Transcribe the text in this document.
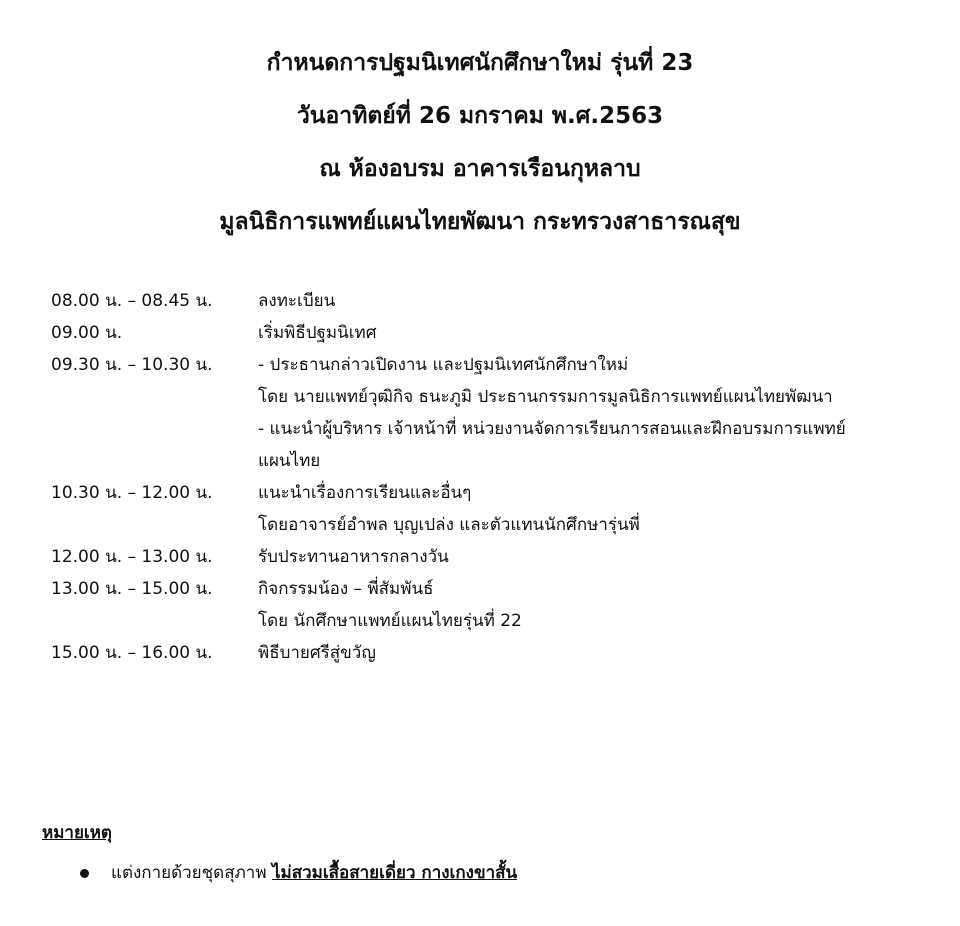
กำหนดการปฐมนิเทศนักศึกษาใหม่ รุ่นที่ 23
วันอาทิตย์ที่ 26 มกราคม พ.ศ.2563
ณ ห้องอบรม อาคารเรือนกุหลาบ
มูลนิธิการแพทย์แผนไทยพัฒนา กระทรวงสาธารณสุข
08.00 น. – 08.45 น.	ลงทะเบียน
09.00 น.	เริ่มพิธีปฐมนิเทศ
09.30 น. – 10.30 น.	- ประธานกล่าวเปิดงาน และปฐมนิเทศนักศึกษาใหม่
โดย นายแพทย์วุฒิกิจ ธนะภูมิ ประธานกรรมการมูลนิธิการแพทย์แผนไทยพัฒนา
- แนะนำผู้บริหาร เจ้าหน้าที่ หน่วยงานจัดการเรียนการสอนและฝึกอบรมการแพทย์
แผนไทย
10.30 น. – 12.00 น.	แนะนำเรื่องการเรียนและอื่นๆ
โดยอาจารย์อำพล บุญเปล่ง และตัวแทนนักศึกษารุ่นพี่
12.00 น. – 13.00 น.	รับประทานอาหารกลางวัน
13.00 น. – 15.00 น.	กิจกรรมน้อง – พี่สัมพันธ์
โดย นักศึกษาแพทย์แผนไทยรุ่นที่ 22
15.00 น. – 16.00 น.	พิธีบายศรีสู่ขวัญ
หมายเหตุ
แต่งกายด้วยชุดสุภาพ ไม่สวมเสื้อสายเดี่ยว กางเกงขาสั้น
